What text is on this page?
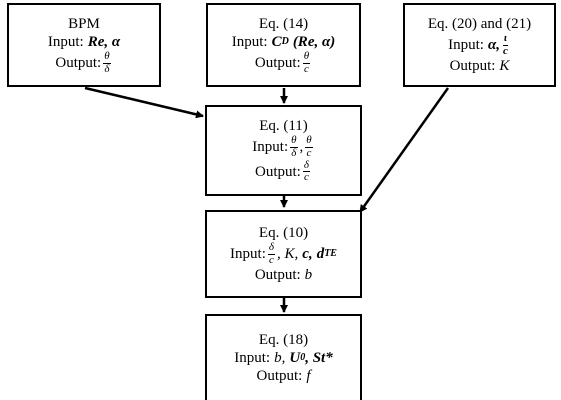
BPM
Input: Re, α
Output: $\frac{\theta}{\delta}$
Eq. (14)
Input: C D (Re, α)
Output: $\frac{\theta}{c}$
Eq. (20) and (21)
Input: α, $\frac{\iota}{c}$
Output: K
Eq. (11)
Input: $\frac{\theta}{\delta}$ , $\frac{\theta}{c}$
Output: $\frac{\delta}{c}$
Eq. (10)
Input: $\frac{\delta}{c}$ , K, c, d TE
Output: b
Eq. (18)
Input: b, U 0 , St*
Output: f
